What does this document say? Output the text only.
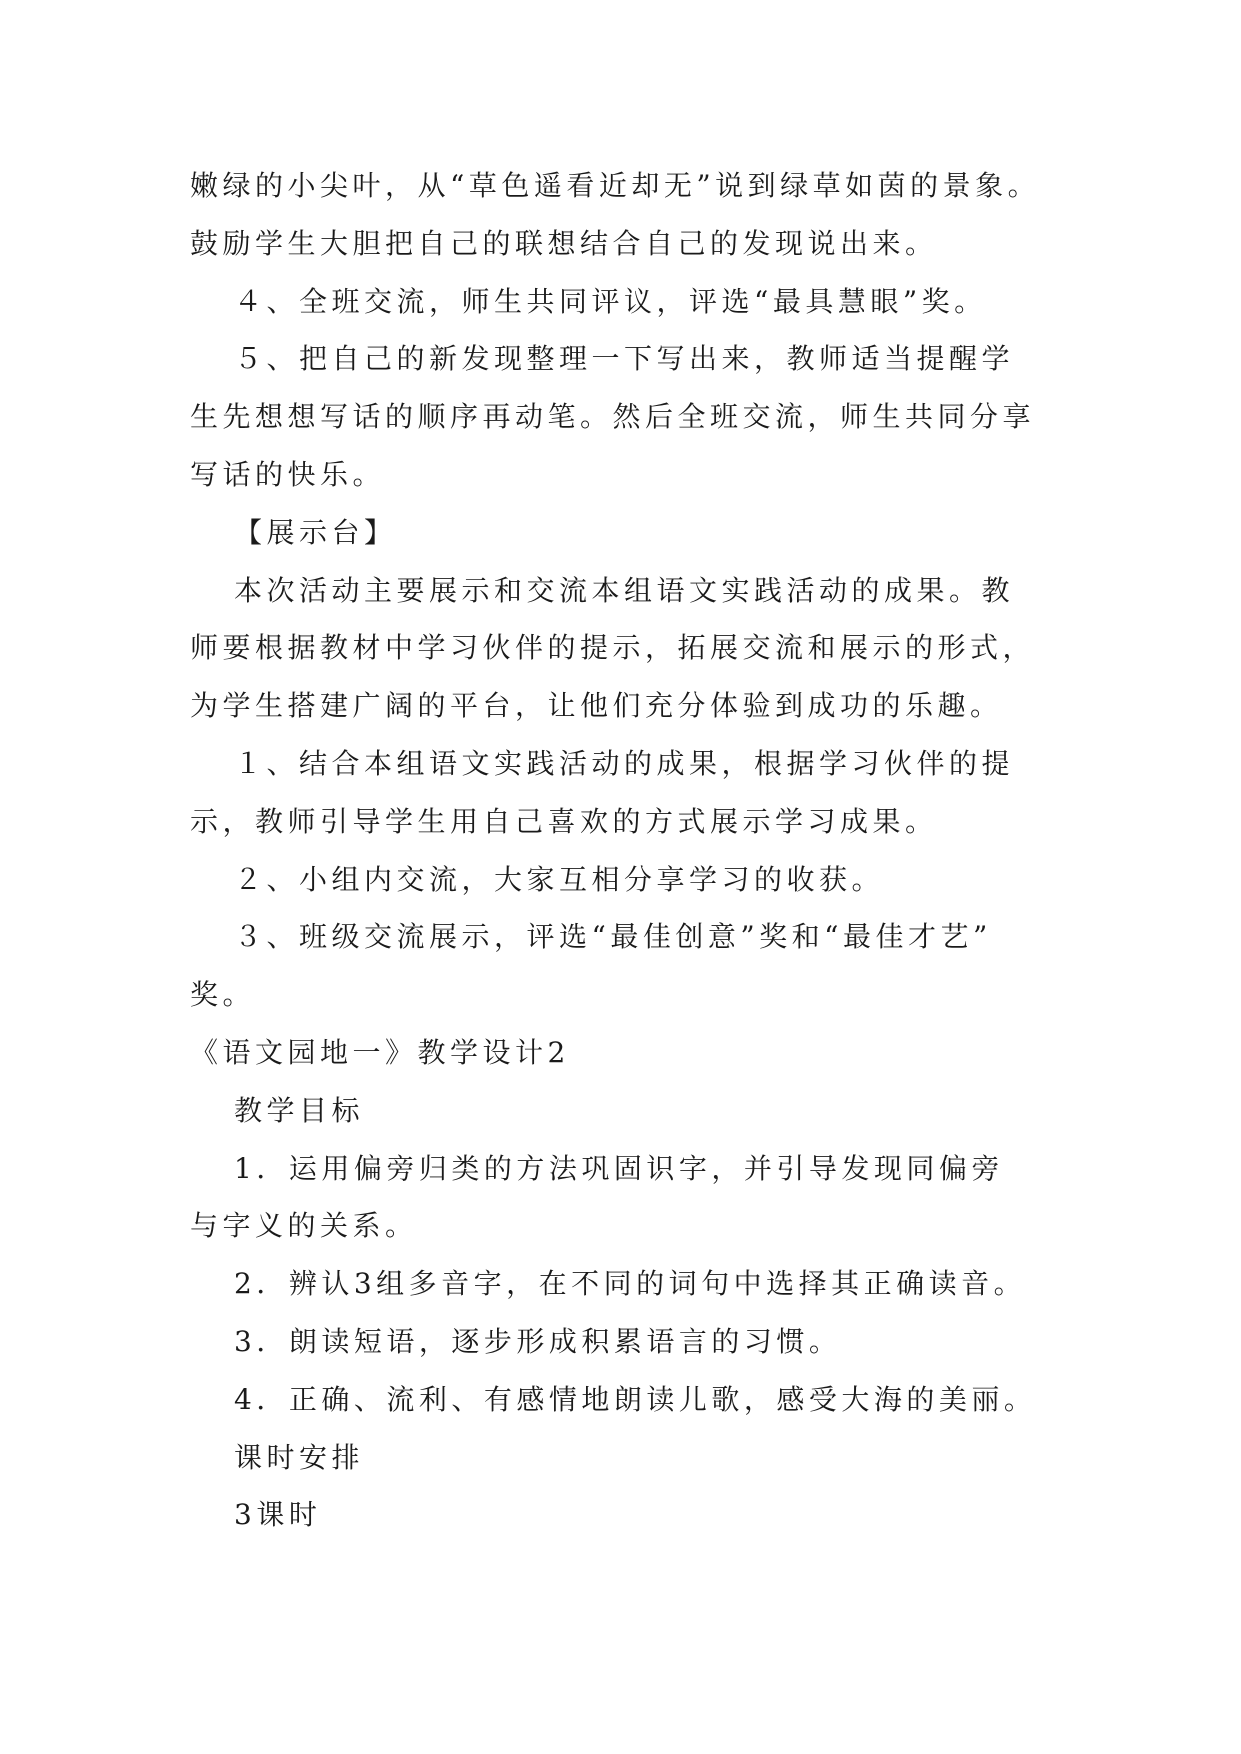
嫩绿的小尖叶，从“草色遥看近却无”说到绿草如茵的景象。
鼓励学生大胆把自己的联想结合自己的发现说出来。
４、全班交流，师生共同评议，评选“最具慧眼”奖。
５、把自己的新发现整理一下写出来，教师适当提醒学
生先想想写话的顺序再动笔。然后全班交流，师生共同分享
写话的快乐。
【展示台】
本次活动主要展示和交流本组语文实践活动的成果。教
师要根据教材中学习伙伴的提示，拓展交流和展示的形式，
为学生搭建广阔的平台，让他们充分体验到成功的乐趣。
１、结合本组语文实践活动的成果，根据学习伙伴的提
示，教师引导学生用自己喜欢的方式展示学习成果。
２、小组内交流，大家互相分享学习的收获。
３、班级交流展示，评选“最佳创意”奖和“最佳才艺”
奖。
《语文园地一》教学设计2
教学目标
1．运用偏旁归类的方法巩固识字，并引导发现同偏旁
与字义的关系。
2．辨认3组多音字，在不同的词句中选择其正确读音。
3．朗读短语，逐步形成积累语言的习惯。
4．正确、流利、有感情地朗读儿歌，感受大海的美丽。
课时安排
3课时
